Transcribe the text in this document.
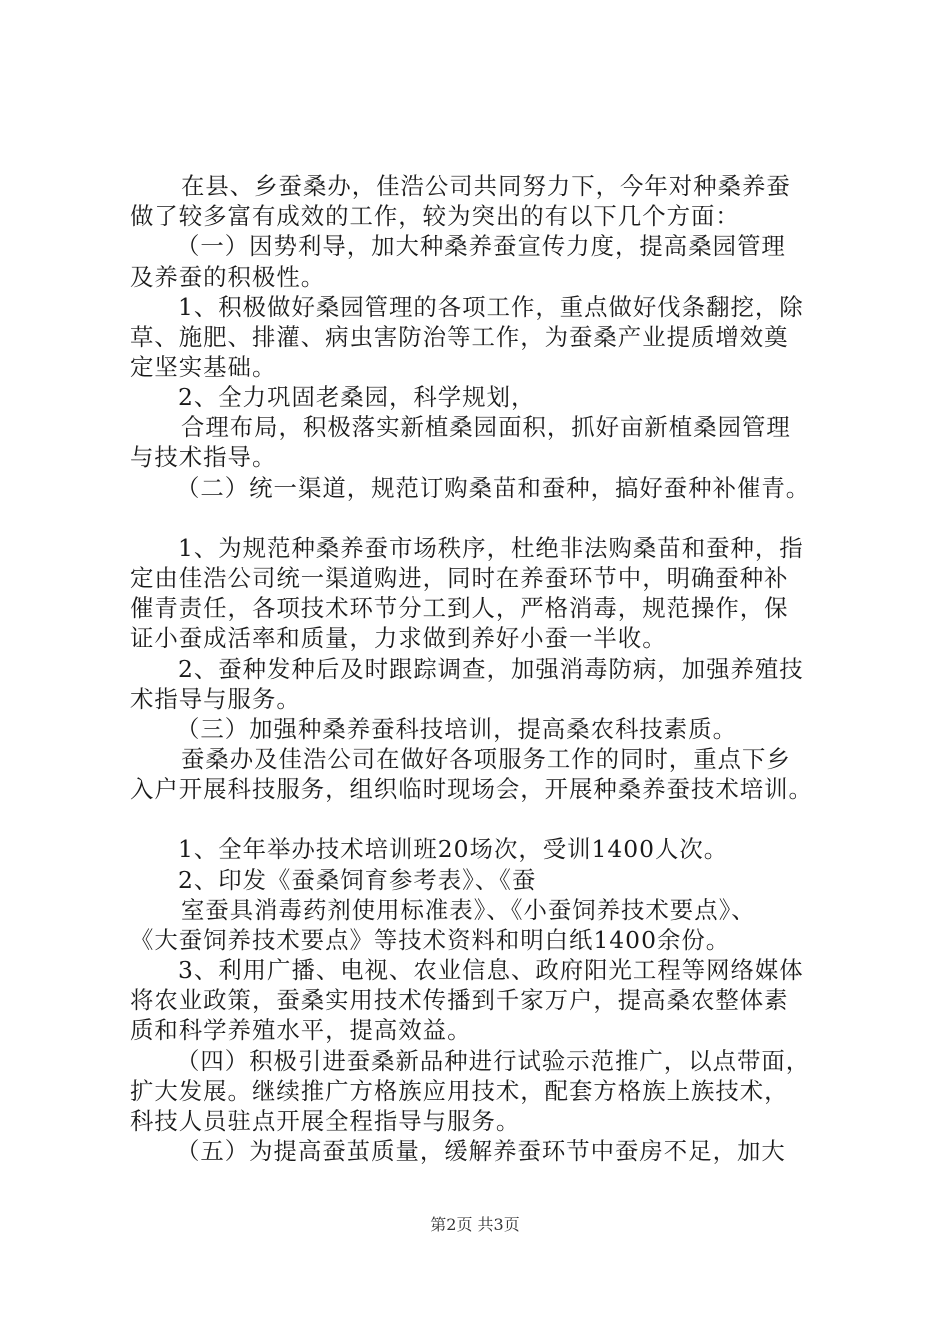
在县、乡蚕桑办，佳浩公司共同努力下，今年对种桑养蚕

做了较多富有成效的工作，较为突出的有以下几个方面：

（一）因势利导，加大种桑养蚕宣传力度，提高桑园管理

及养蚕的积极性。

1、积极做好桑园管理的各项工作，重点做好伐条翻挖，除

草、施肥、排灌、病虫害防治等工作，为蚕桑产业提质增效奠

定坚实基础。

2、全力巩固老桑园，科学规划，

合理布局，积极落实新植桑园面积，抓好亩新植桑园管理

与技术指导。

（二）统一渠道，规范订购桑苗和蚕种，搞好蚕种补催青。

1、为规范种桑养蚕市场秩序，杜绝非法购桑苗和蚕种，指

定由佳浩公司统一渠道购进，同时在养蚕环节中，明确蚕种补

催青责任，各项技术环节分工到人，严格消毒，规范操作，保

证小蚕成活率和质量，力求做到养好小蚕一半收。

2、蚕种发种后及时跟踪调查，加强消毒防病，加强养殖技

术指导与服务。

（三）加强种桑养蚕科技培训，提高桑农科技素质。

蚕桑办及佳浩公司在做好各项服务工作的同时，重点下乡

入户开展科技服务，组织临时现场会，开展种桑养蚕技术培训。

1、全年举办技术培训班20场次，受训1400人次。

2、印发《蚕桑饲育参考表》、《蚕

室蚕具消毒药剂使用标准表》、《小蚕饲养技术要点》、

《大蚕饲养技术要点》等技术资料和明白纸1400余份。

3、利用广播、电视、农业信息、政府阳光工程等网络媒体

将农业政策，蚕桑实用技术传播到千家万户，提高桑农整体素

质和科学养殖水平，提高效益。

（四）积极引进蚕桑新品种进行试验示范推广，以点带面，

扩大发展。继续推广方格族应用技术，配套方格族上族技术，

科技人员驻点开展全程指导与服务。

（五）为提高蚕茧质量，缓解养蚕环节中蚕房不足，加大

第2页 共3页
